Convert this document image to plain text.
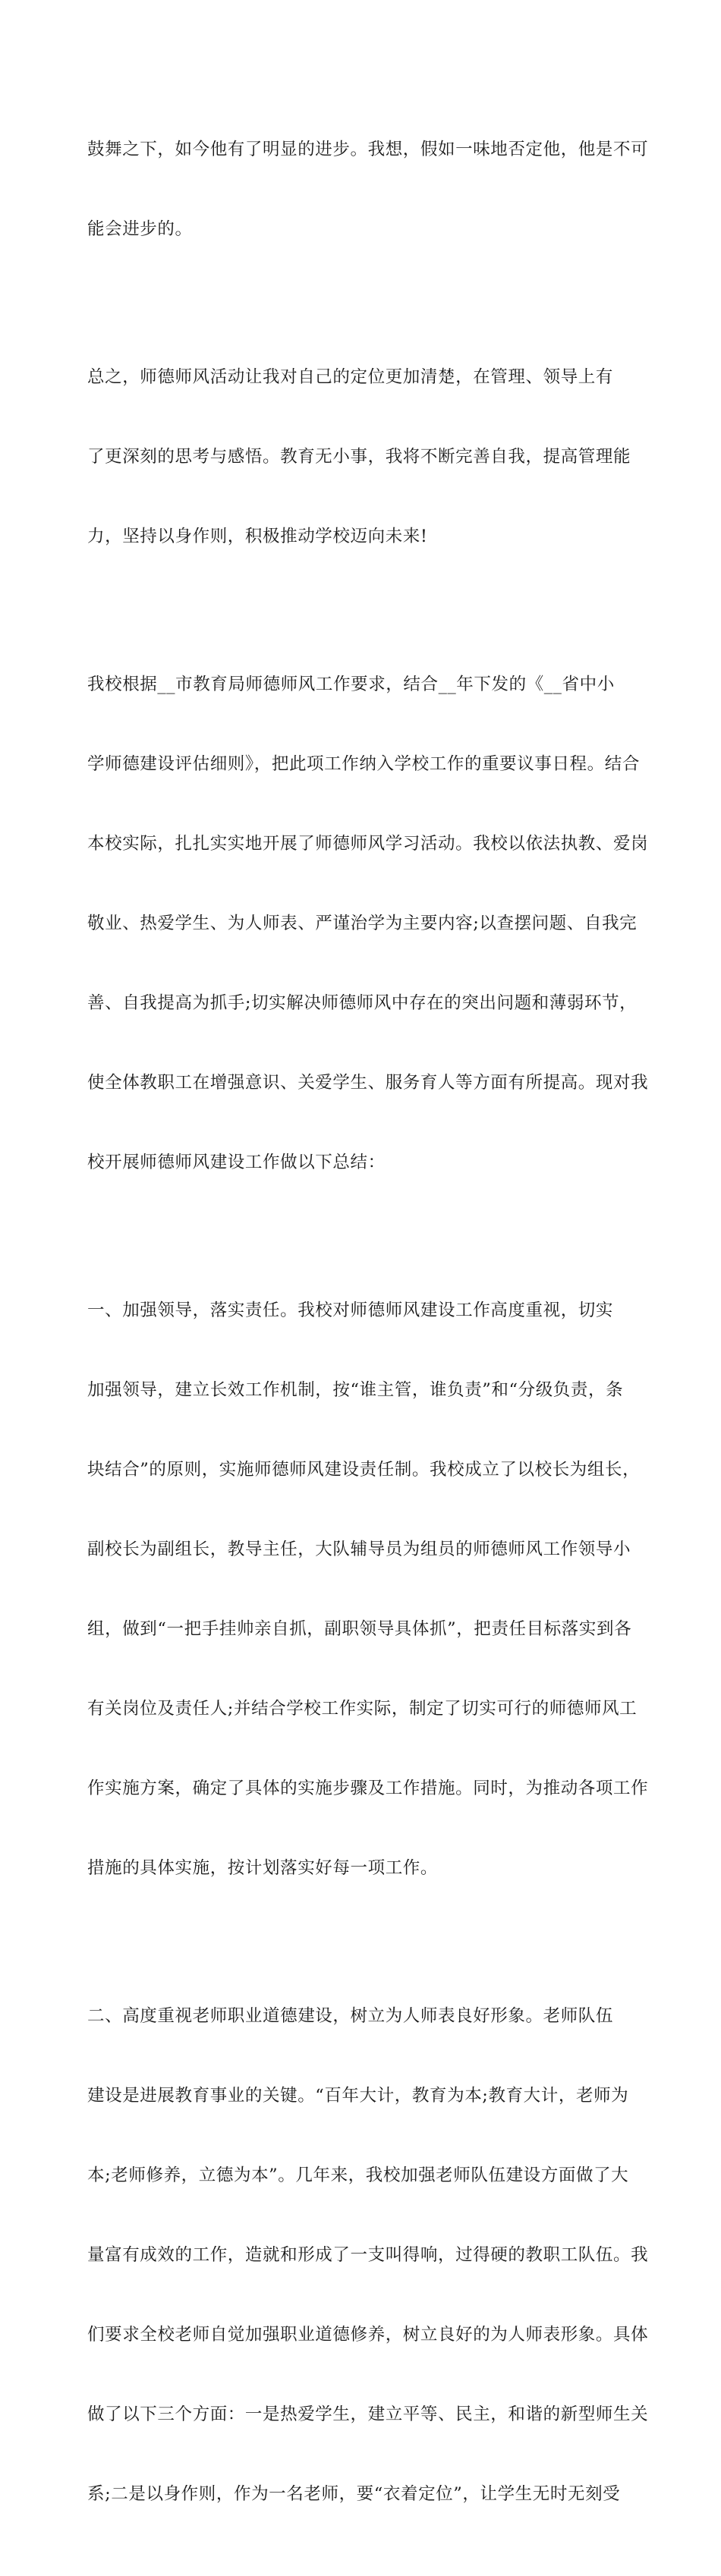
鼓舞之下，如今他有了明显的进步。我想，假如一味地否定他，他是不可

能会进步的。

总之，师德师风活动让我对自己的定位更加清楚，在管理、领导上有

了更深刻的思考与感悟。教育无小事，我将不断完善自我，提高管理能

力，坚持以身作则，积极推动学校迈向未来!

我校根据__市教育局师德师风工作要求，结合__年下发的《__省中小

学师德建设评估细则》，把此项工作纳入学校工作的重要议事日程。结合

本校实际，扎扎实实地开展了师德师风学习活动。我校以依法执教、爱岗

敬业、热爱学生、为人师表、严谨治学为主要内容;以查摆问题、自我完

善、自我提高为抓手;切实解决师德师风中存在的突出问题和薄弱环节，

使全体教职工在增强意识、关爱学生、服务育人等方面有所提高。现对我

校开展师德师风建设工作做以下总结：

一、加强领导，落实责任。我校对师德师风建设工作高度重视，切实

加强领导，建立长效工作机制，按“谁主管，谁负责”和“分级负责，条

块结合”的原则，实施师德师风建设责任制。我校成立了以校长为组长，

副校长为副组长，教导主任，大队辅导员为组员的师德师风工作领导小

组，做到“一把手挂帅亲自抓，副职领导具体抓”，把责任目标落实到各

有关岗位及责任人;并结合学校工作实际，制定了切实可行的师德师风工

作实施方案，确定了具体的实施步骤及工作措施。同时，为推动各项工作

措施的具体实施，按计划落实好每一项工作。

二、高度重视老师职业道德建设，树立为人师表良好形象。老师队伍

建设是进展教育事业的关键。“百年大计，教育为本;教育大计，老师为

本;老师修养，立德为本”。几年来，我校加强老师队伍建设方面做了大

量富有成效的工作，造就和形成了一支叫得响，过得硬的教职工队伍。我

们要求全校老师自觉加强职业道德修养，树立良好的为人师表形象。具体

做了以下三个方面：一是热爱学生，建立平等、民主，和谐的新型师生关

系;二是以身作则，作为一名老师，要“衣着定位”，让学生无时无刻受
